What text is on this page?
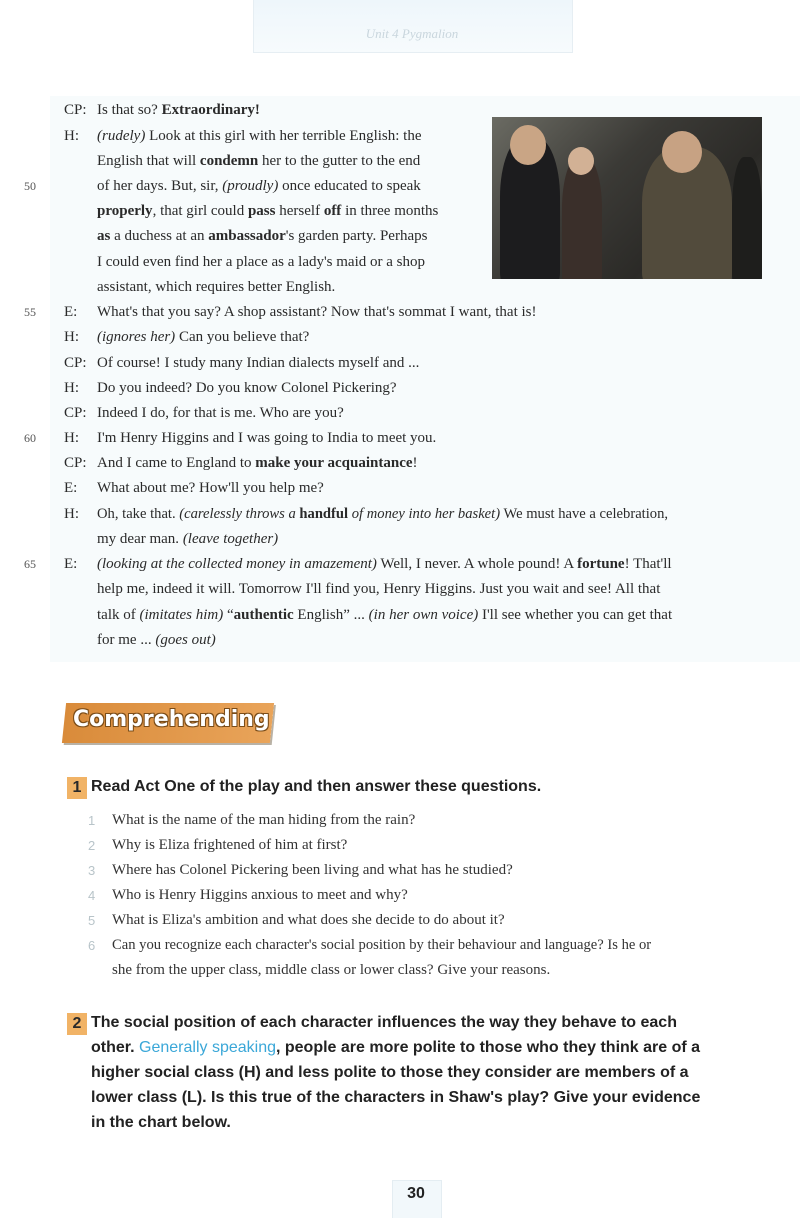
Unit 4 Pygmalion
CP: Is that so? Extraordinary!
H: (rudely) Look at this girl with her terrible English: the
English that will condemn her to the gutter to the end
50	of her days. But, sir, (proudly) once educated to speak
properly, that girl could pass herself off in three months
as a duchess at an ambassador's garden party. Perhaps
I could even find her a place as a lady's maid or a shop
assistant, which requires better English.
55 E: What's that you say? A shop assistant? Now that's sommat I want, that is!
H: (ignores her) Can you believe that?
CP: Of course! I study many Indian dialects myself and ...
H: Do you indeed? Do you know Colonel Pickering?
CP: Indeed I do, for that is me. Who are you?
60 H: I'm Henry Higgins and I was going to India to meet you.
CP: And I came to England to make your acquaintance!
E: What about me? How'll you help me?
H: Oh, take that. (carelessly throws a handful of money into her basket) We must have a celebration,
my dear man. (leave together)
65 E: (looking at the collected money in amazement) Well, I never. A whole pound! A fortune! That'll
help me, indeed it will. Tomorrow I'll find you, Henry Higgins. Just you wait and see! All that
talk of (imitates him) “authentic English” ... (in her own voice) I'll see whether you can get that
for me ... (goes out)
Comprehending
1 Read Act One of the play and then answer these questions.
1 What is the name of the man hiding from the rain?
2 Why is Eliza frightened of him at first?
3 Where has Colonel Pickering been living and what has he studied?
4 Who is Henry Higgins anxious to meet and why?
5 What is Eliza's ambition and what does she decide to do about it?
6 Can you recognize each character's social position by their behaviour and language? Is he or
she from the upper class, middle class or lower class? Give your reasons.
2 The social position of each character influences the way they behave to each
other. Generally speaking, people are more polite to those who they think are of a
higher social class (H) and less polite to those they consider are members of a
lower class (L). Is this true of the characters in Shaw's play? Give your evidence
in the chart below.
30
